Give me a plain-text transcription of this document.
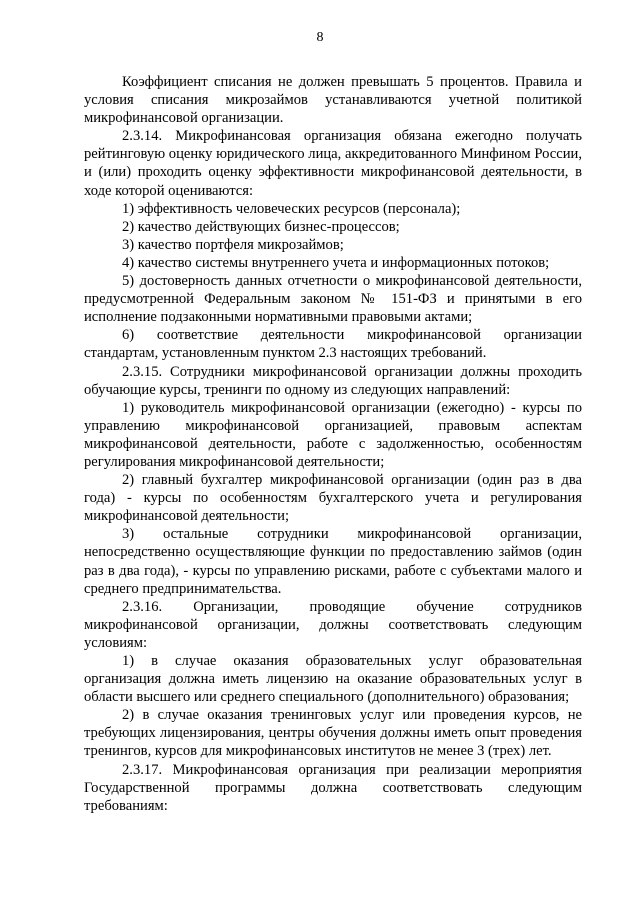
8

Коэффициент списания не должен превышать 5 процентов. Правила и условия списания микрозаймов устанавливаются учетной политикой микрофинансовой организации.

2.3.14. Микрофинансовая организация обязана ежегодно получать рейтинговую оценку юридического лица, аккредитованного Минфином России, и (или) проходить оценку эффективности микрофинансовой деятельности, в ходе которой оцениваются:

1) эффективность человеческих ресурсов (персонала);

2) качество действующих бизнес-процессов;

3) качество портфеля микрозаймов;

4) качество системы внутреннего учета и информационных потоков;

5) достоверность данных отчетности о микрофинансовой деятельности, предусмотренной Федеральным законом № 151-ФЗ и принятыми в его исполнение подзаконными нормативными правовыми актами;

6) соответствие деятельности микрофинансовой организации стандартам, установленным пунктом 2.3 настоящих требований.

2.3.15. Сотрудники микрофинансовой организации должны проходить обучающие курсы, тренинги по одному из следующих направлений:

1) руководитель микрофинансовой организации (ежегодно) - курсы по управлению микрофинансовой организацией, правовым аспектам микрофинансовой деятельности, работе с задолженностью, особенностям регулирования микрофинансовой деятельности;

2) главный бухгалтер микрофинансовой организации (один раз в два года) - курсы по особенностям бухгалтерского учета и регулирования микрофинансовой деятельности;

3) остальные сотрудники микрофинансовой организации, непосредственно осуществляющие функции по предоставлению займов (один раз в два года), - курсы по управлению рисками, работе с субъектами малого и среднего предпринимательства.

2.3.16. Организации, проводящие обучение сотрудников микрофинансовой организации, должны соответствовать следующим условиям:

1) в случае оказания образовательных услуг образовательная организация должна иметь лицензию на оказание образовательных услуг в области высшего или среднего специального (дополнительного) образования;

2) в случае оказания тренинговых услуг или проведения курсов, не требующих лицензирования, центры обучения должны иметь опыт проведения тренингов, курсов для микрофинансовых институтов не менее 3 (трех) лет.

2.3.17. Микрофинансовая организация при реализации мероприятия Государственной программы должна соответствовать следующим требованиям:
